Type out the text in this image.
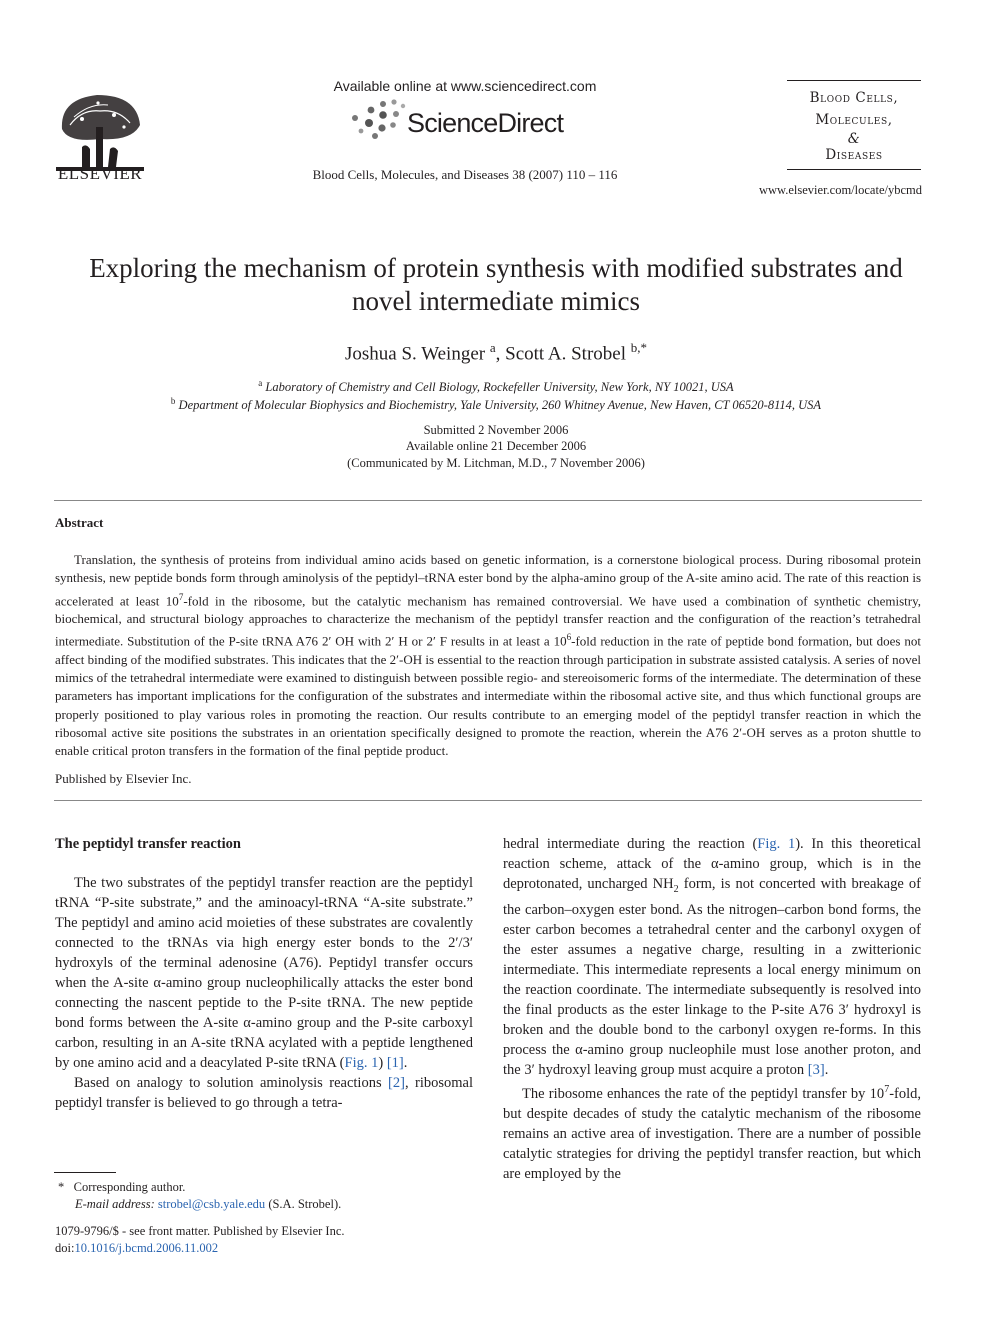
ELSEVIER
Available online at www.sciencedirect.com
ScienceDirect
Blood Cells, Molecules, and Diseases 38 (2007) 110 – 116
Blood Cells,
Molecules,
&
Diseases
www.elsevier.com/locate/ybcmd
Exploring the mechanism of protein synthesis with modified substrates and
novel intermediate mimics
Joshua S. Weinger $^a$, Scott A. Strobel $^{b,*}$
$^a$ Laboratory of Chemistry and Cell Biology, Rockefeller University, New York, NY 10021, USA
$^b$ Department of Molecular Biophysics and Biochemistry, Yale University, 260 Whitney Avenue, New Haven, CT 06520-8114, USA
Submitted 2 November 2006
Available online 21 December 2006
(Communicated by M. Litchman, M.D., 7 November 2006)
Abstract

Translation, the synthesis of proteins from individual amino acids based on genetic information, is a cornerstone biological process. During ribosomal protein synthesis, new peptide bonds form through aminolysis of the peptidyl–tRNA ester bond by the alpha-amino group of the A-site amino acid. The rate of this reaction is accelerated at least $10^7$-fold in the ribosome, but the catalytic mechanism has remained controversial. We have used a combination of synthetic chemistry, biochemical, and structural biology approaches to characterize the mechanism of the peptidyl transfer reaction and the configuration of the reaction’s tetrahedral intermediate. Substitution of the P-site tRNA A76 2′ OH with 2′ H or 2′ F results in at least a $10^6$-fold reduction in the rate of peptide bond formation, but does not affect binding of the modified substrates. This indicates that the 2′-OH is essential to the reaction through participation in substrate assisted catalysis. A series of novel mimics of the tetrahedral intermediate were examined to distinguish between possible regio- and stereoisomeric forms of the intermediate. The determination of these parameters has important implications for the configuration of the substrates and intermediate within the ribosomal active site, and thus which functional groups are properly positioned to play various roles in promoting the reaction. Our results contribute to an emerging model of the peptidyl transfer reaction in which the ribosomal active site positions the substrates in an orientation specifically designed to promote the reaction, wherein the A76 2′-OH serves as a proton shuttle to enable critical proton transfers in the formation of the final peptide product.

Published by Elsevier Inc.

The peptidyl transfer reaction

The two substrates of the peptidyl transfer reaction are the peptidyl tRNA “P-site substrate,” and the aminoacyl-tRNA “A-site substrate.” The peptidyl and amino acid moieties of these substrates are covalently connected to the tRNAs via high energy ester bonds to the 2′/3′ hydroxyls of the terminal adenosine (A76). Peptidyl transfer occurs when the A-site α-amino group nucleophilically attacks the ester bond connecting the nascent peptide to the P-site tRNA. The new peptide bond forms between the A-site α-amino group and the P-site carboxyl carbon, resulting in an A-site tRNA acylated with a peptide lengthened by one amino acid and a deacylated P-site tRNA (Fig. 1) [1].

Based on analogy to solution aminolysis reactions [2], ribosomal peptidyl transfer is believed to go through a tetra-

hedral intermediate during the reaction (Fig. 1). In this theoretical reaction scheme, attack of the α-amino group, which is in the deprotonated, uncharged $NH_2$ form, is not concerted with breakage of the carbon–oxygen ester bond. As the nitrogen–carbon bond forms, the ester carbon becomes a tetrahedral center and the carbonyl oxygen of the ester assumes a negative charge, resulting in a zwitterionic intermediate. This intermediate represents a local energy minimum on the reaction coordinate. The intermediate subsequently is resolved into the final products as the ester linkage to the P-site A76 3′ hydroxyl is broken and the double bond to the carbonyl oxygen re-forms. In this process the α-amino group nucleophile must lose another proton, and the 3′ hydroxyl leaving group must acquire a proton [3].

The ribosome enhances the rate of the peptidyl transfer by $10^7$-fold, but despite decades of study the catalytic mechanism of the ribosome remains an active area of investigation. There are a number of possible catalytic strategies for driving the peptidyl transfer reaction, but which are employed by the

* Corresponding author.
E-mail address: strobel@csb.yale.edu (S.A. Strobel).
1079-9796/$ - see front matter. Published by Elsevier Inc.
doi:10.1016/j.bcmd.2006.11.002
